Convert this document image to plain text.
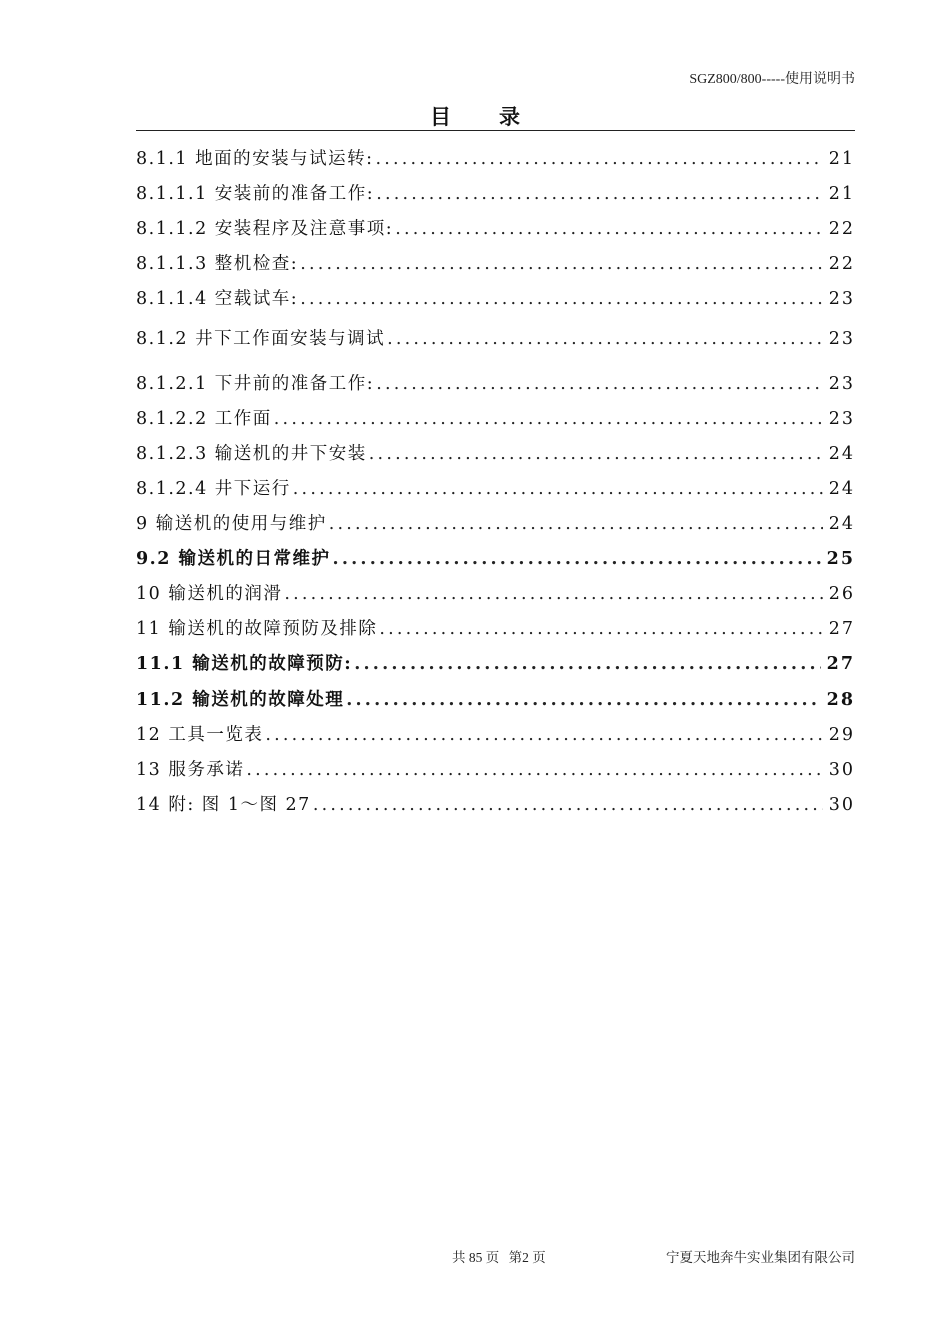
SGZ800/800-----使用说明书
目录
8.1.1 地面的安装与试运转: .....	21
8.1.1.1 安装前的准备工作: .....	21
8.1.1.2 安装程序及注意事项: .....	22
8.1.1.3 整机检查: .....	22
8.1.1.4 空载试车: .....	23
8.1.2 井下工作面安装与调试 .....	23
8.1.2.1 下井前的准备工作: .....	23
8.1.2.2 工作面 .....	23
8.1.2.3 输送机的井下安装 .....	24
8.1.2.4 井下运行 .....	24
9 输送机的使用与维护 .....	24
9.2 输送机的日常维护 .....	25
10 输送机的润滑 .....	26
11 输送机的故障预防及排除 .....	27
11.1 输送机的故障预防: .....	27
11.2 输送机的故障处理 .....	28
12 工具一览表 .....	29
13 服务承诺 .....	30
14 附: 图 1～图 27 .....	30
共 85 页 第2 页	宁夏天地奔牛实业集团有限公司
